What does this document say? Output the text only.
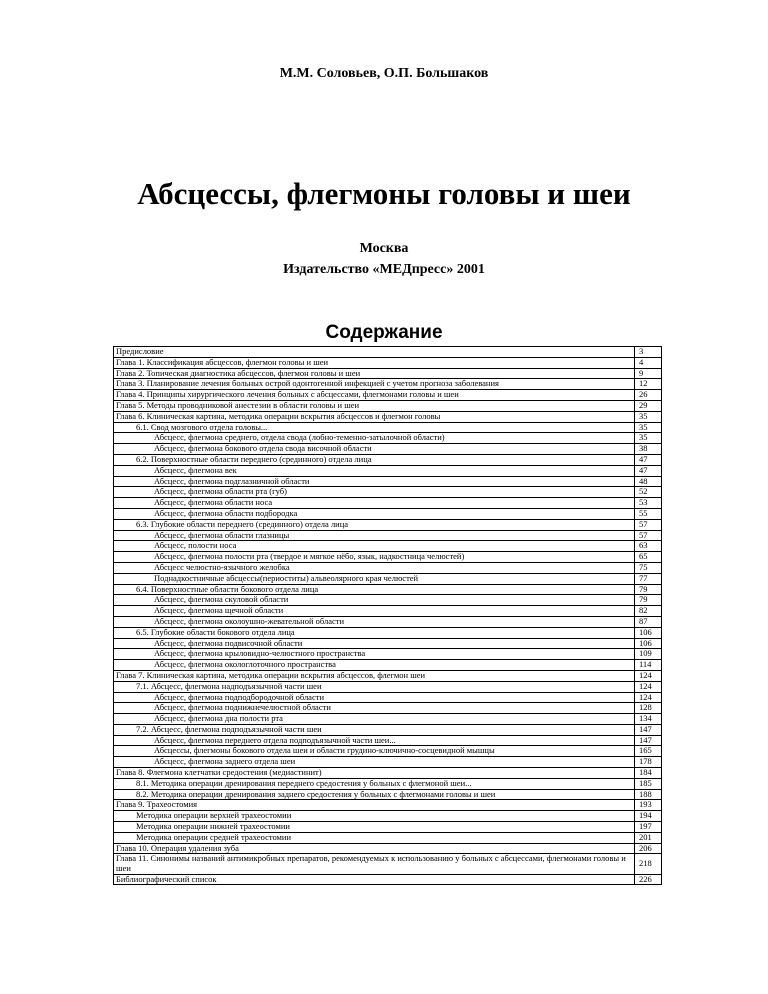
М.М. Соловьев, О.П. Большаков
Абсцессы, флегмоны головы и шеи
Москва
Издательство «МЕДпресс» 2001
Содержание
Предисловие	3
Глава 1. Классификация абсцессов, флегмон головы и шеи	4
Глава 2. Топическая диагностика абсцессов, флегмон головы и шеи	9
Глава 3. Планирование лечения больных острой одонтогенной инфекцией с учетом прогноза заболевания	12
Глава 4. Принципы хирургического лечения больных с абсцессами, флегмонами головы и шеи	26
Глава 5. Методы проводниковой анестезии в области головы и шеи	29
Глава 6. Клиническая картина, методика операции вскрытия абсцессов и флегмон головы	35
6.1. Свод мозгового отдела головы...	35
Абсцесс, флегмона среднего, отдела свода (лобно-теменно-затылочной области)	35
Абсцесс, флегмона бокового отдела свода височной области	38
6.2. Поверхностные области переднего (срединного) отдела лица	47
Абсцесс, флегмона век	47
Абсцесс, флегмона подглазничной области	48
Абсцесс, флегмона области рта (губ)	52
Абсцесс, флегмона области носа	53
Абсцесс, флегмона области подбородка	55
6.3. Глубокие области переднего (срединного) отдела лица	57
Абсцесс, флегмона области глазницы	57
Абсцесс, полости носа	63
Абсцесс, флегмона полости рта (твердое и мягкое нёбо, язык, надкостница челюстей)	65
Абсцесс челюстно-язычного желобка	75
Поднадкостничные абсцессы(периоститы) альвеолярного края челюстей	77
6.4. Поверхностные области бокового отдела лица	79
Абсцесс, флегмона скуловой области	79
Абсцесс, флегмона щечной области	82
Абсцесс, флегмона околоушно-жевательной области	87
6.5. Глубокие области бокового отдела лица	106
Абсцесс, флегмона подвисочной области	106
Абсцесс, флегмона крыловидно-челюстного пространства	109
Абсцесс, флегмона окологлоточного пространства	114
Глава 7. Клиническая картина, методика операции вскрытия абсцессов, флегмон шеи	124
7.1. Абсцесс, флегмона надподъязычной части шеи	124
Абсцесс, флегмона подподбородочной области	124
Абсцесс, флегмона поднижнечелюстной области	128
Абсцесс, флегмона дна полости рта	134
7.2. Абсцесс, флегмона подподъязычной части шеи	147
Абсцесс, флегмона переднего отдела подподъязычной части шеи...	147
Абсцессы, флегмоны бокового отдела шеи и области грудино-ключично-сосцевидной мышцы	165
Абсцесс, флегмона заднего отдела шеи	178
Глава 8. Флегмона клетчатки средостения (медиастинит)	184
8.1. Методика операции дренирования переднего средостения у больных с флегмоной шеи...	185
8.2. Методика операции дренирования заднего средостения у больных с флегмонами головы и шеи	188
Глава 9. Трахеостомия	193
Методика операции верхней трахеостомии	194
Методика операции нижней трахеостомии	197
Методика операции средней трахеостомии	201
Глава 10. Операция удаления зуба	206
Глава 11. Синонимы названий антимикробных препаратов, рекомендуемых к использованию у больных с абсцессами, флегмонами головы и шеи	218
Библиографический список	226
